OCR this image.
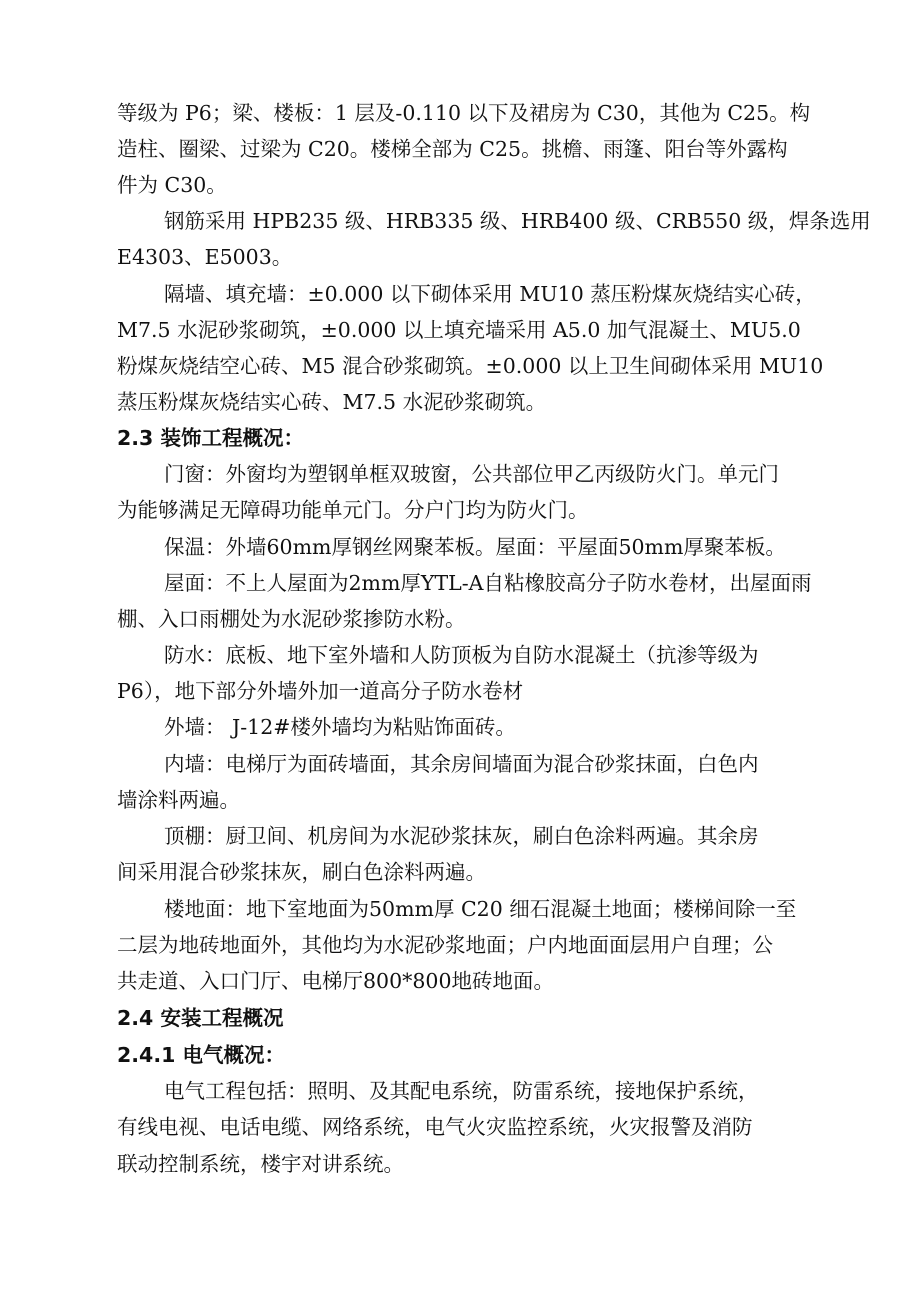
等级为 P6；梁、楼板：1 层及-0.110 以下及裙房为 C30，其他为 C25。构
造柱、圈梁、过梁为 C20。楼梯全部为 C25。挑檐、雨篷、阳台等外露构
件为 C30。
钢筋采用 HPB235 级、HRB335 级、HRB400 级、CRB550 级，焊条选用
E4303、E5003。
隔墙、填充墙：±0.000 以下砌体采用 MU10 蒸压粉煤灰烧结实心砖，
M7.5 水泥砂浆砌筑，±0.000 以上填充墙采用 A5.0 加气混凝土、MU5.0
粉煤灰烧结空心砖、M5 混合砂浆砌筑。±0.000 以上卫生间砌体采用 MU10
蒸压粉煤灰烧结实心砖、M7.5 水泥砂浆砌筑。
2.3 装饰工程概况：
门窗：外窗均为塑钢单框双玻窗，公共部位甲乙丙级防火门。单元门
为能够满足无障碍功能单元门。分户门均为防火门。
保温：外墙60mm厚钢丝网聚苯板。屋面：平屋面50mm厚聚苯板。
屋面：不上人屋面为2mm厚YTL-A自粘橡胶高分子防水卷材，出屋面雨
棚、入口雨棚处为水泥砂浆掺防水粉。
防水：底板、地下室外墙和人防顶板为自防水混凝土（抗渗等级为
P6），地下部分外墙外加一道高分子防水卷材
外墙： J-12#楼外墙均为粘贴饰面砖。
内墙：电梯厅为面砖墙面，其余房间墙面为混合砂浆抹面，白色内
墙涂料两遍。
顶棚：厨卫间、机房间为水泥砂浆抹灰，刷白色涂料两遍。其余房
间采用混合砂浆抹灰，刷白色涂料两遍。
楼地面：地下室地面为50mm厚 C20 细石混凝土地面；楼梯间除一至
二层为地砖地面外，其他均为水泥砂浆地面；户内地面面层用户自理；公
共走道、入口门厅、电梯厅800*800地砖地面。
2.4 安装工程概况
2.4.1 电气概况：
电气工程包括：照明、及其配电系统，防雷系统，接地保护系统，
有线电视、电话电缆、网络系统，电气火灾监控系统，火灾报警及消防
联动控制系统，楼宇对讲系统。
